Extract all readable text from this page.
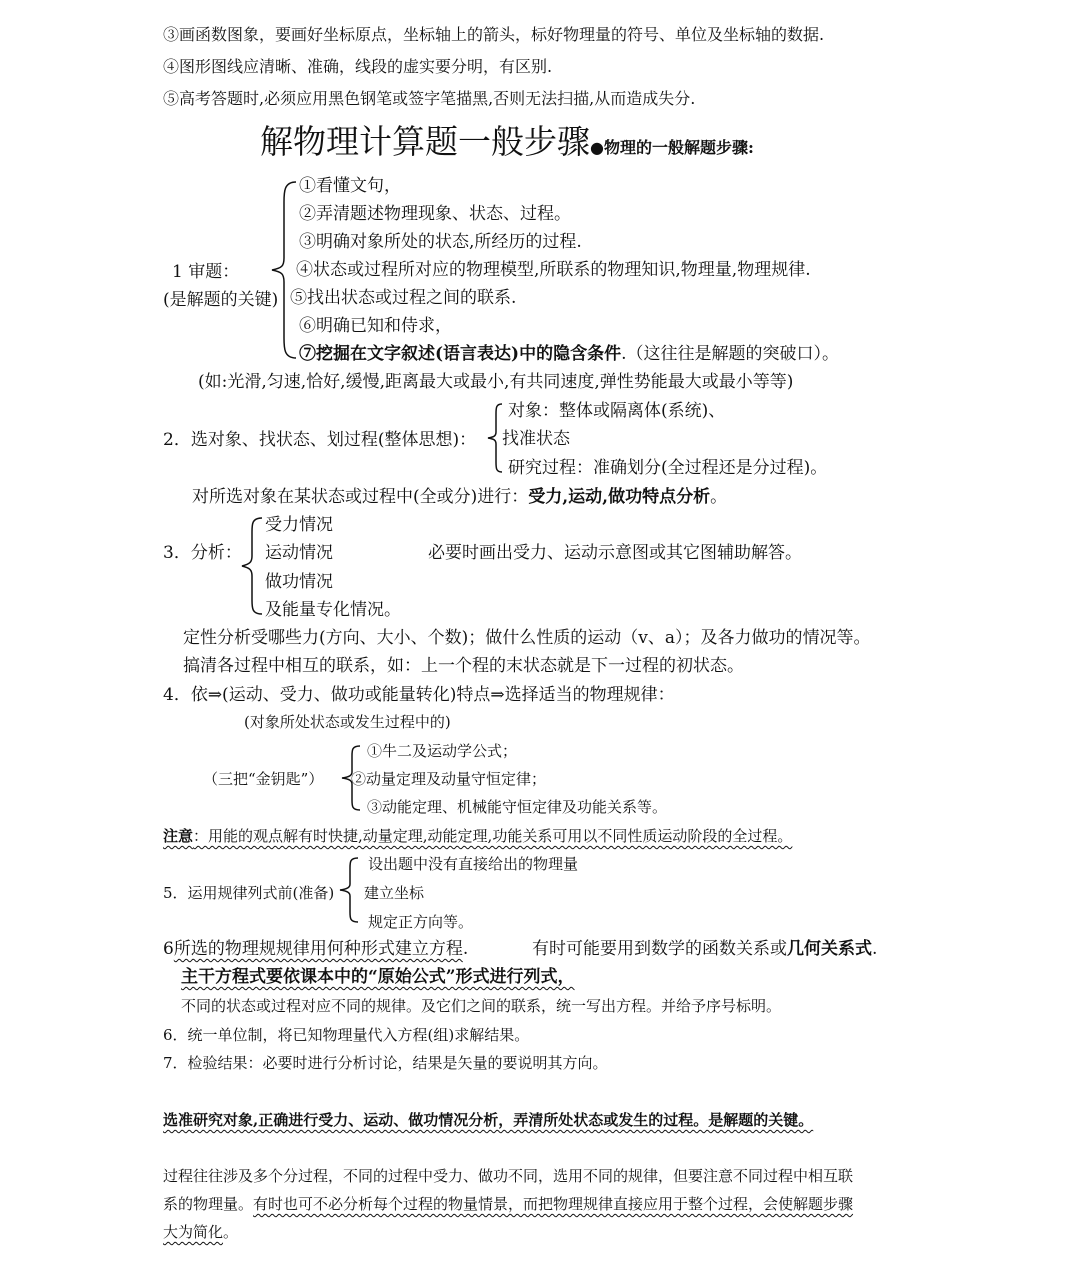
③画函数图象，要画好坐标原点，坐标轴上的箭头，标好物理量的符号、单位及坐标轴的数据.
④图形图线应清晰、准确，线段的虚实要分明，有区别.
⑤高考答题时,必须应用黑色钢笔或签字笔描黑,否则无法扫描,从而造成失分.
解物理计算题一般步骤●物理的一般解题步骤:
1 审题：
(是解题的关键)
①看懂文句，
②弄清题述物理现象、状态、过程。
③明确对象所处的状态,所经历的过程.
④状态或过程所对应的物理模型,所联系的物理知识,物理量,物理规律.
⑤找出状态或过程之间的联系.
⑥明确已知和侍求，
⑦挖掘在文字叙述(语言表达)中的隐含条件.（这往往是解题的突破口）。
(如:光滑,匀速,恰好,缓慢,距离最大或最小,有共同速度,弹性势能最大或最小等等)
2．选对象、找状态、划过程(整体思想)：
对象：整体或隔离体(系统)、
找准状态
研究过程：准确划分(全过程还是分过程)。
对所选对象在某状态或过程中(全或分)进行：受力,运动,做功特点分析。
3．分析：
受力情况
运动情况
做功情况
及能量专化情况。
必要时画出受力、运动示意图或其它图辅助解答。
定性分析受哪些力(方向、大小、个数)；做什么性质的运动（v、a）；及各力做功的情况等。
搞清各过程中相互的联系，如：上一个程的末状态就是下一过程的初状态。
4．依⇒(运动、受力、做功或能量转化)特点⇒选择适当的物理规律：
(对象所处状态或发生过程中的)
（三把“金钥匙”）
①牛二及运动学公式；
②动量定理及动量守恒定律；
③动能定理、机械能守恒定律及功能关系等。
注意：用能的观点解有时快捷,动量定理,动能定理,功能关系可用以不同性质运动阶段的全过程。
5．运用规律列式前(准备)
设出题中没有直接给出的物理量
建立坐标
规定正方向等。
6所选的物理规规律用何种形式建立方程.	有时可能要用到数学的函数关系或几何关系式.
主干方程式要依课本中的“原始公式”形式进行列式，
不同的状态或过程对应不同的规律。及它们之间的联系，统一写出方程。并给予序号标明。
6．统一单位制，将已知物理量代入方程(组)求解结果。
7．检验结果：必要时进行分析讨论，结果是矢量的要说明其方向。
选准研究对象,正确进行受力、运动、做功情况分析，弄清所处状态或发生的过程。是解题的关键。
过程往往涉及多个分过程，不同的过程中受力、做功不同，选用不同的规律，但要注意不同过程中相互联
系的物理量。有时也可不必分析每个过程的物量情景，而把物理规律直接应用于整个过程，会使解题步骤
大为简化。
